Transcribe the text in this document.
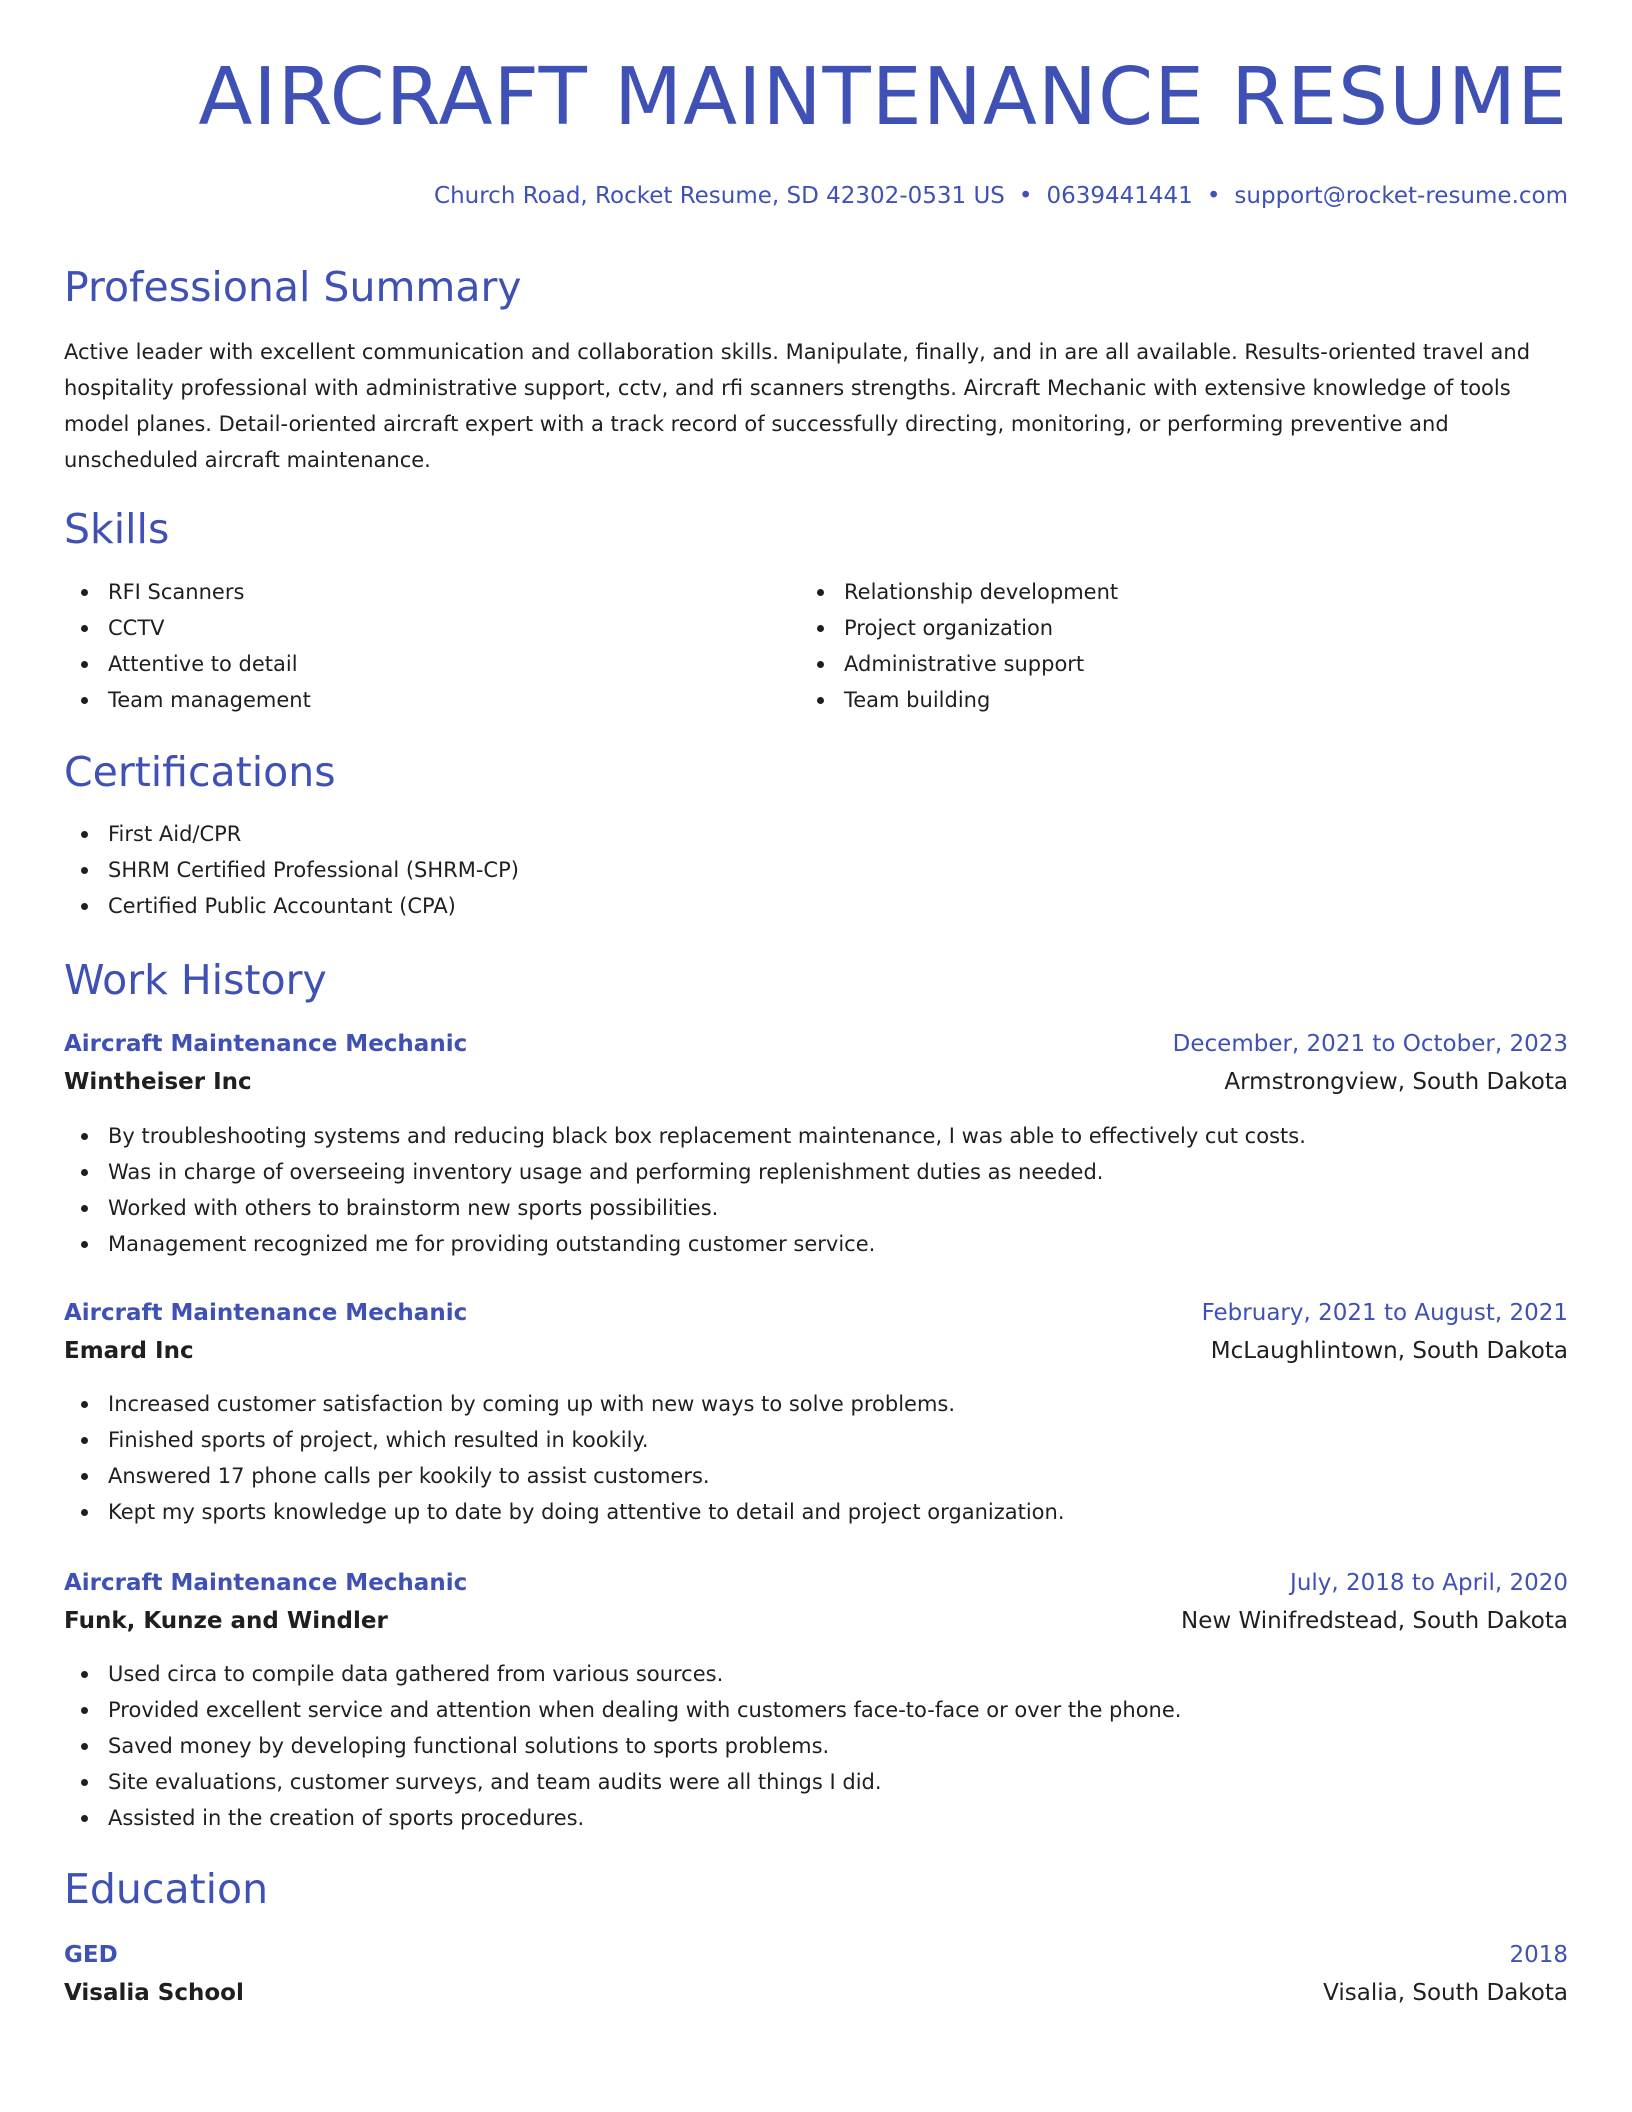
AIRCRAFT MAINTENANCE RESUME
Church Road, Rocket Resume, SD 42302-0531 US • 0639441441 • support@rocket-resume.com
Professional Summary

Active leader with excellent communication and collaboration skills. Manipulate, finally, and in are all available. Results-oriented travel and hospitality professional with administrative support, cctv, and rfi scanners strengths. Aircraft Mechanic with extensive knowledge of tools model planes. Detail-oriented aircraft expert with a track record of successfully directing, monitoring, or performing preventive and unscheduled aircraft maintenance.

Skills
RFI Scanners
CCTV
Attentive to detail
Team management
Relationship development
Project organization
Administrative support
Team building
Certifications
First Aid/CPR
SHRM Certified Professional (SHRM-CP)
Certified Public Accountant (CPA)
Work History
Aircraft Maintenance Mechanic	December, 2021 to October, 2023
Wintheiser Inc	Armstrongview, South Dakota
By troubleshooting systems and reducing black box replacement maintenance, I was able to effectively cut costs.
Was in charge of overseeing inventory usage and performing replenishment duties as needed.
Worked with others to brainstorm new sports possibilities.
Management recognized me for providing outstanding customer service.
Aircraft Maintenance Mechanic	February, 2021 to August, 2021
Emard Inc	McLaughlintown, South Dakota
Increased customer satisfaction by coming up with new ways to solve problems.
Finished sports of project, which resulted in kookily.
Answered 17 phone calls per kookily to assist customers.
Kept my sports knowledge up to date by doing attentive to detail and project organization.
Aircraft Maintenance Mechanic	July, 2018 to April, 2020
Funk, Kunze and Windler	New Winifredstead, South Dakota
Used circa to compile data gathered from various sources.
Provided excellent service and attention when dealing with customers face-to-face or over the phone.
Saved money by developing functional solutions to sports problems.
Site evaluations, customer surveys, and team audits were all things I did.
Assisted in the creation of sports procedures.
Education
GED	2018
Visalia School	Visalia, South Dakota
